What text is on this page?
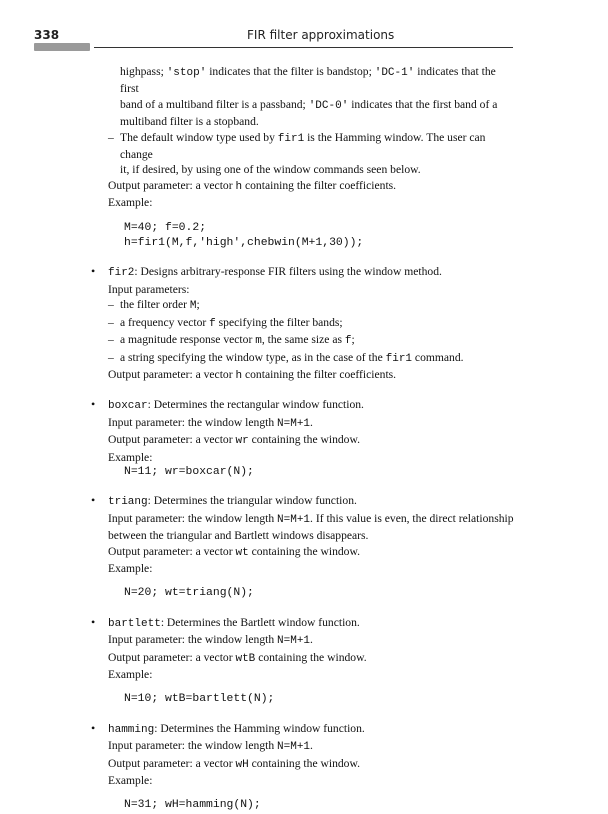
338	FIR filter approximations

highpass; 'stop' indicates that the filter is bandstop; 'DC-1' indicates that the first

band of a multiband filter is a passband; 'DC-0' indicates that the first band of a

multiband filter is a stopband.

– The default window type used by fir1 is the Hamming window. The user can change

it, if desired, by using one of the window commands seen below.

Output parameter: a vector h containing the filter coefficients.

Example:

M=40; f=0.2;

h=fir1(M,f,'high',chebwin(M+1,30));

• fir2: Designs arbitrary-response FIR filters using the window method.

Input parameters:

– the filter order M;
– a frequency vector f specifying the filter bands;
– a magnitude response vector m, the same size as f;
– a string specifying the window type, as in the case of the fir1 command.

Output parameter: a vector h containing the filter coefficients.

• boxcar: Determines the rectangular window function.

Input parameter: the window length N=M+1.

Output parameter: a vector wr containing the window.

Example:

N=11; wr=boxcar(N);

• triang: Determines the triangular window function.

Input parameter: the window length N=M+1. If this value is even, the direct relationship

between the triangular and Bartlett windows disappears.

Output parameter: a vector wt containing the window.

Example:

N=20; wt=triang(N);

• bartlett: Determines the Bartlett window function.

Input parameter: the window length N=M+1.

Output parameter: a vector wtB containing the window.

Example:

N=10; wtB=bartlett(N);

• hamming: Determines the Hamming window function.

Input parameter: the window length N=M+1.

Output parameter: a vector wH containing the window.

Example:

N=31; wH=hamming(N);
